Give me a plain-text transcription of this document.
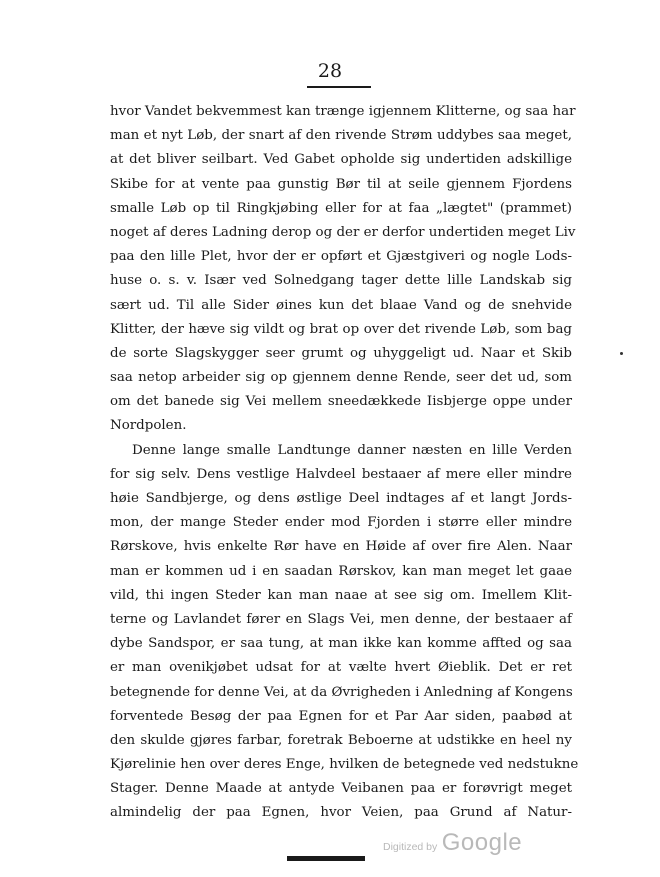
28
hvor Vandet bekvemmest kan trænge igjennem Klitterne, og saa har
man et nyt Løb, der snart af den rivende Strøm uddybes saa meget,
at det bliver seilbart. Ved Gabet opholde sig undertiden adskillige
Skibe for at vente paa gunstig Bør til at seile gjennem Fjordens
smalle Løb op til Ringkjøbing eller for at faa „lægtet" (prammet)
noget af deres Ladning derop og der er derfor undertiden meget Liv
paa den lille Plet, hvor der er opført et Gjæstgiveri og nogle Lods-
huse o. s. v. Især ved Solnedgang tager dette lille Landskab sig
sært ud. Til alle Sider øines kun det blaae Vand og de snеhvide
Klitter, der hæve sig vildt og brat op over det rivende Løb, som bag
de sorte Slagskygger seer grumt og uhyggeligt ud. Naar et Skib
saa netop arbeider sig op gjennem denne Rende, seer det ud, som
om det banede sig Vei mellem sneedækkede Iisbjerge oppe under
Nordpolen.
Denne lange smalle Landtunge danner næsten en lille Verden
for sig selv. Dens vestlige Halvdeel bestaaer af mere eller mindre
høie Sandbjerge, og dens østlige Deel indtages af et langt Jords-
mon, der mange Steder ender mod Fjorden i større eller mindre
Rørskove, hvis enkelte Rør have en Høide af over fire Alen. Naar
man er kommen ud i en saadan Rørskov, kan man meget let gaae
vild, thi ingen Steder kan man naae at see sig om. Imellem Klit-
terne og Lavlandet fører en Slags Vei, men denne, der bestaaer af
dybe Sandspor, er saa tung, at man ikke kan komme affted og saa
er man ovenikjøbet udsat for at vælte hvert Øieblik. Det er ret
betegnende for denne Vei, at da Øvrigheden i Anledning af Kongens
forventede Besøg der paa Egnen for et Par Aar siden, paabød at
den skulde gjøres farbar, foretrak Beboerne at udstikke en heel ny
Kjørelinie hen over deres Enge, hvilken de betegnede ved nedstukne
Stager. Denne Maade at antyde Veibanen paa er forøvrigt meget
almindelig der paa Egnen, hvor Veien, paa Grund af Natur-
Digitized by Google
